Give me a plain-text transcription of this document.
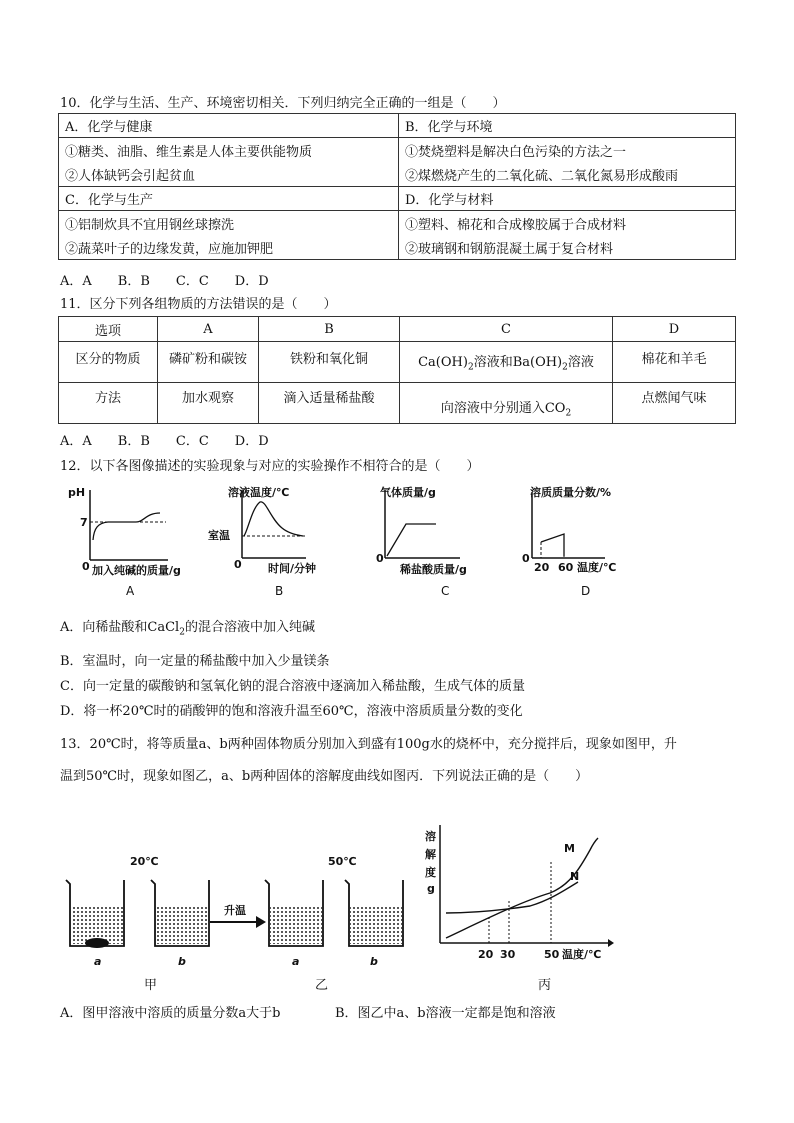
10．化学与生活、生产、环境密切相关．下列归纳完全正确的一组是（　　）
A．化学与健康	B．化学与环境
①糖类、油脂、维生素是人体主要供能物质	①焚烧塑料是解决白色污染的方法之一
②人体缺钙会引起贫血	②煤燃烧产生的二氧化硫、二氧化氮易形成酸雨
C．化学与生产	D．化学与材料
①铝制炊具不宜用钢丝球擦洗	①塑料、棉花和合成橡胶属于合成材料
②蔬菜叶子的边缘发黄，应施加钾肥	②玻璃钢和钢筋混凝土属于复合材料
A．A　　B．B　　C．C　　D．D
11．区分下列各组物质的方法错误的是（　　）
选项	A	B	C	D
区分的物质	磷矿粉和碳铵	铁粉和氧化铜	$Ca(OH)_2$溶液和$Ba(OH)_2$溶液	棉花和羊毛
方法	加水观察	滴入适量稀盐酸	向溶液中分别通入$CO_2$	点燃闻气味
A．A　　B．B　　C．C　　D．D
12．以下各图像描述的实验现象与对应的实验操作不相符合的是（　　）
pH
7
0 加入纯碱的质量/g
A
溶液温度/℃
室温
0 时间/分钟
B
气体质量/g
0
稀盐酸质量/g
C
溶质质量分数/%
0
20 60 温度/℃
D
A．向稀盐酸和CaCl$_2$的混合溶液中加入纯碱
B．室温时，向一定量的稀盐酸中加入少量镁条
C．向一定量的碳酸钠和氢氧化钠的混合溶液中逐滴加入稀盐酸，生成气体的质量
D．将一杯20℃时的硝酸钾的饱和溶液升温至60℃，溶液中溶质质量分数的变化
13．20℃时，将等质量a、b两种固体物质分别加入到盛有100g水的烧杯中，充分搅拌后，现象如图甲，升
温到50℃时，现象如图乙，a、b两种固体的溶解度曲线如图丙．下列说法正确的是（　　）
20℃	50℃
a	b
升温
a	b
溶
解
度
g
M
N
20 30	50 温度/℃
甲	乙	丙
A．图甲溶液中溶质的质量分数a大于b	B．图乙中a、b溶液一定都是饱和溶液
